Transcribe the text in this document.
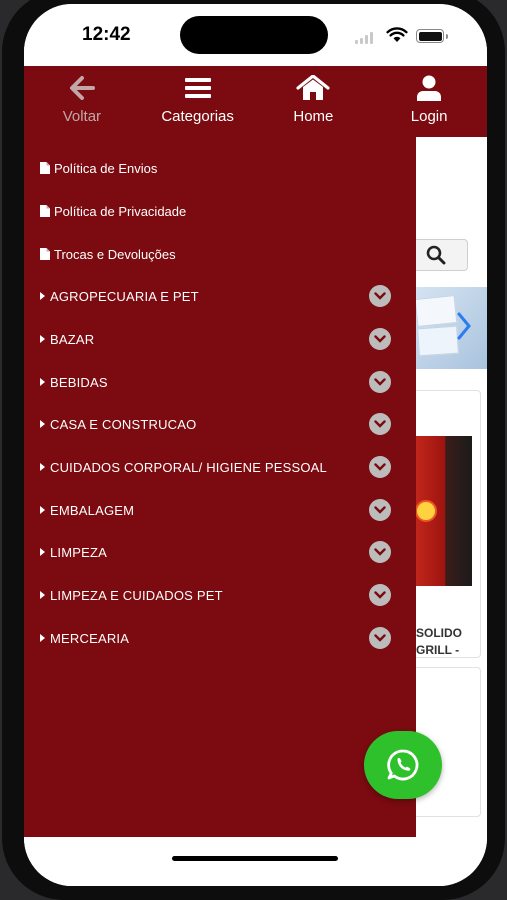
12:42
Voltar	Categorias	Home	Login
SOLIDO
GRILL -
Política de Envios
Política de Privacidade
Trocas e Devoluções
AGROPECUARIA E PET
BAZAR
BEBIDAS
CASA E CONSTRUCAO
CUIDADOS CORPORAL/ HIGIENE PESSOAL
EMBALAGEM
LIMPEZA
LIMPEZA E CUIDADOS PET
MERCEARIA
